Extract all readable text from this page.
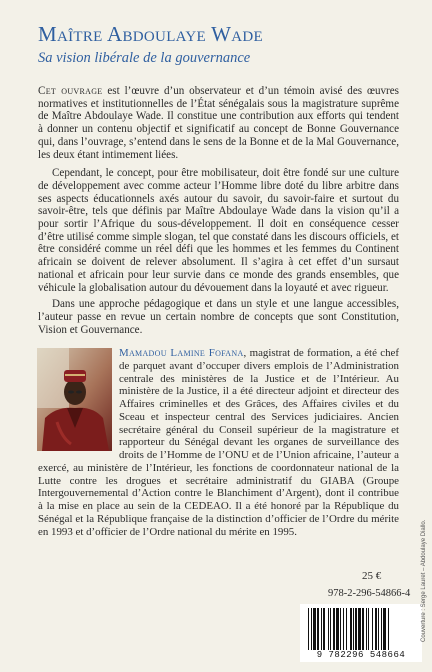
Maître Abdoulaye Wade
Sa vision libérale de la gouvernance

Cet ouvrage est l’œuvre d’un observateur et d’un témoin avisé des œuvres normatives et institutionnelles de l’État sénégalais sous la magistrature suprême de Maître Abdoulaye Wade. Il constitue une contribution aux efforts qui tendent à donner un contenu objectif et significatif au concept de Bonne Gouvernance qui, dans l’ouvrage, s’entend dans le sens de la Bonne et de la Mal Gouvernance, les deux étant intimement liées.

Cependant, le concept, pour être mobilisateur, doit être fondé sur une culture de développement avec comme acteur l’Homme libre doté du libre arbitre dans ses aspects éducationnels axés autour du savoir, du savoir-faire et surtout du savoir-être, tels que définis par Maître Abdoulaye Wade dans la vision qu’il a pour sortir l’Afrique du sous-développement. Il doit en conséquence cesser d’être utilisé comme simple slogan, tel que constaté dans les discours officiels, et être considéré comme un réel défi que les hommes et les femmes du Continent africain se doivent de relever absolument. Il s’agira à cet effet d’un sursaut national et africain pour leur survie dans ce monde des grands ensembles, que véhicule la globalisation autour du dévouement dans la loyauté et avec rigueur.

Dans une approche pédagogique et dans un style et une langue accessibles, l’auteur passe en revue un certain nombre de concepts que sont Constitution, Vision et Gouvernance.

Mamadou Lamine Fofana, magistrat de formation, a été chef de parquet avant d’occuper divers emplois de l’Administration centrale des ministères de la Justice et de l’Intérieur. Au ministère de la Justice, il a été directeur adjoint et directeur des Affaires criminelles et des Grâces, des Affaires civiles et du Sceau et inspecteur central des Services judiciaires. Ancien secrétaire général du Conseil supérieur de la magistrature et rapporteur du Sénégal devant les organes de surveillance des droits de l’Homme de l’ONU et de l’Union africaine, l’auteur a exercé, au ministère de l’Intérieur, les fonctions de coordonnateur national de la Lutte contre les drogues et secrétaire administratif du GIABA (Groupe Intergouvernemental d’Action contre le Blanchiment d’Argent), dont il contribue à la mise en place au sein de la CEDEAO. Il a été honoré par la République du Sénégal et la République française de la distinction d’officier de l’Ordre du mérite en 1993 et d’officier de l’Ordre national du mérite en 1995.
25 €
978-2-296-54866-4
9 782296 548664
Couverture : Serge Lauret – Abdoulaye Diallo.
